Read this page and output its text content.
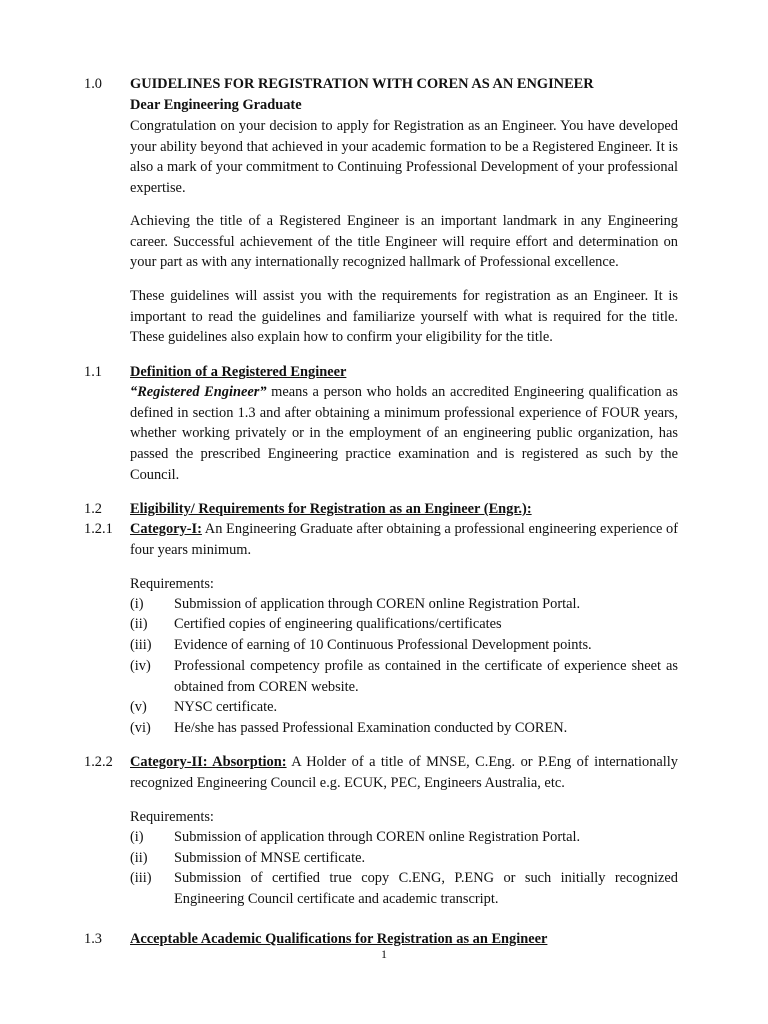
1.0 GUIDELINES FOR REGISTRATION WITH COREN AS AN ENGINEER
Dear Engineering Graduate

Congratulation on your decision to apply for Registration as an Engineer. You have developed your ability beyond that achieved in your academic formation to be a Registered Engineer. It is also a mark of your commitment to Continuing Professional Development of your professional expertise.

Achieving the title of a Registered Engineer is an important landmark in any Engineering career. Successful achievement of the title Engineer will require effort and determination on your part as with any internationally recognized hallmark of Professional excellence.

These guidelines will assist you with the requirements for registration as an Engineer. It is important to read the guidelines and familiarize yourself with what is required for the title. These guidelines also explain how to confirm your eligibility for the title.

1.1 Definition of a Registered Engineer

“Registered Engineer” means a person who holds an accredited Engineering qualification as defined in section 1.3 and after obtaining a minimum professional experience of FOUR years, whether working privately or in the employment of an engineering public organization, has passed the prescribed Engineering practice examination and is registered as such by the Council.

1.2 Eligibility/ Requirements for Registration as an Engineer (Engr.):
1.2.1 Category-I: An Engineering Graduate after obtaining a professional engineering experience of four years minimum.

Requirements:
(i) Submission of application through COREN online Registration Portal.
(ii) Certified copies of engineering qualifications/certificates
(iii) Evidence of earning of 10 Continuous Professional Development points.
(iv) Professional competency profile as contained in the certificate of experience sheet as obtained from COREN website.
(v) NYSC certificate.
(vi) He/she has passed Professional Examination conducted by COREN.
1.2.2 Category-II: Absorption: A Holder of a title of MNSE, C.Eng. or P.Eng of internationally recognized Engineering Council e.g. ECUK, PEC, Engineers Australia, etc.

Requirements:
(i) Submission of application through COREN online Registration Portal.
(ii) Submission of MNSE certificate.
(iii) Submission of certified true copy C.ENG, P.ENG or such initially recognized Engineering Council certificate and academic transcript.
1.3 Acceptable Academic Qualifications for Registration as an Engineer
1
